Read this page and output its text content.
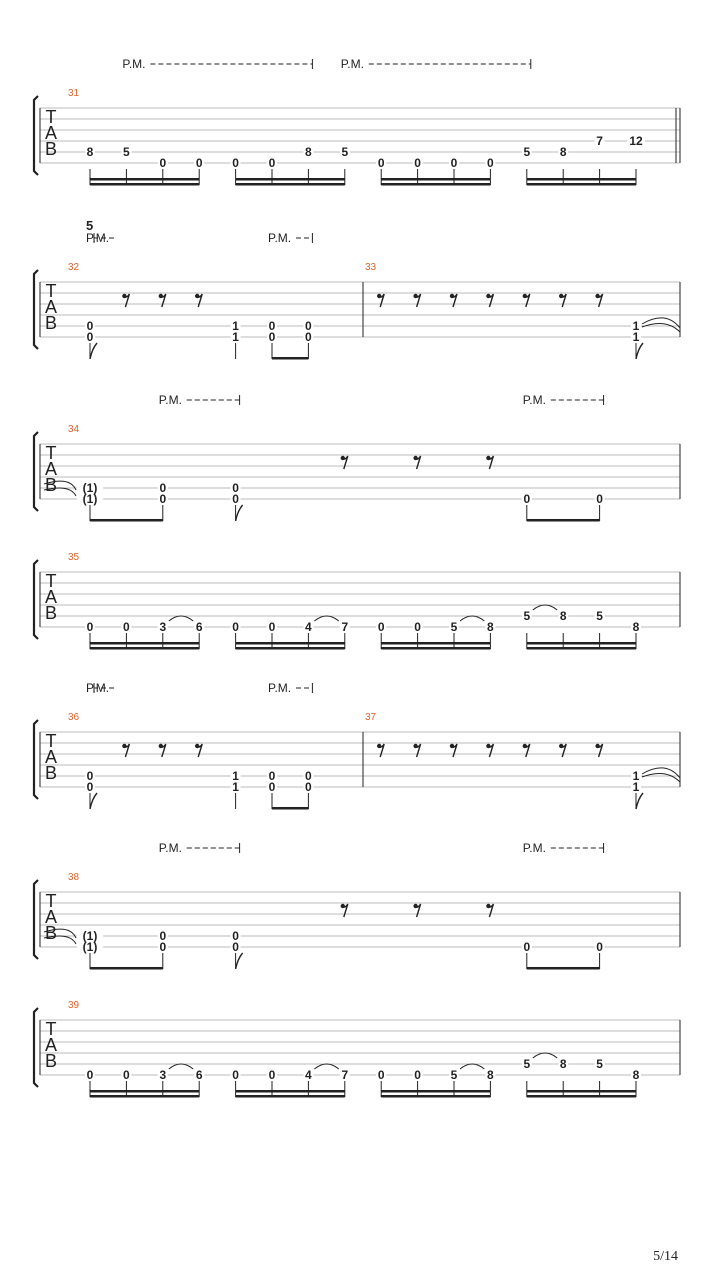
T
A
B
31
P.M.	P.M.
8 5
0 0 0 0
8 5
0 0 0 0
5 8
7 12
T
A
B
32	33
5
P.M.	P.M.
0
0
1
1
0
0
0
0
1
1
T
A
B
34
P.M.	P.M.
(1)
(1)
0
0
0
0	0	0
T
A
B
35
0 0 3 6 0 0 4 7 0 0 5 8
5 8 5
8
T
A
B
36	37
P.M.	P.M.
0
0
1
1
0
0
0
0
1
1
T
A
B
38
P.M.	P.M.
(1)
(1)
0
0
0
0	0	0
T
A
B
39
0 0 3 6 0 0 4 7 0 0 5 8
5 8 5
8
5/14
